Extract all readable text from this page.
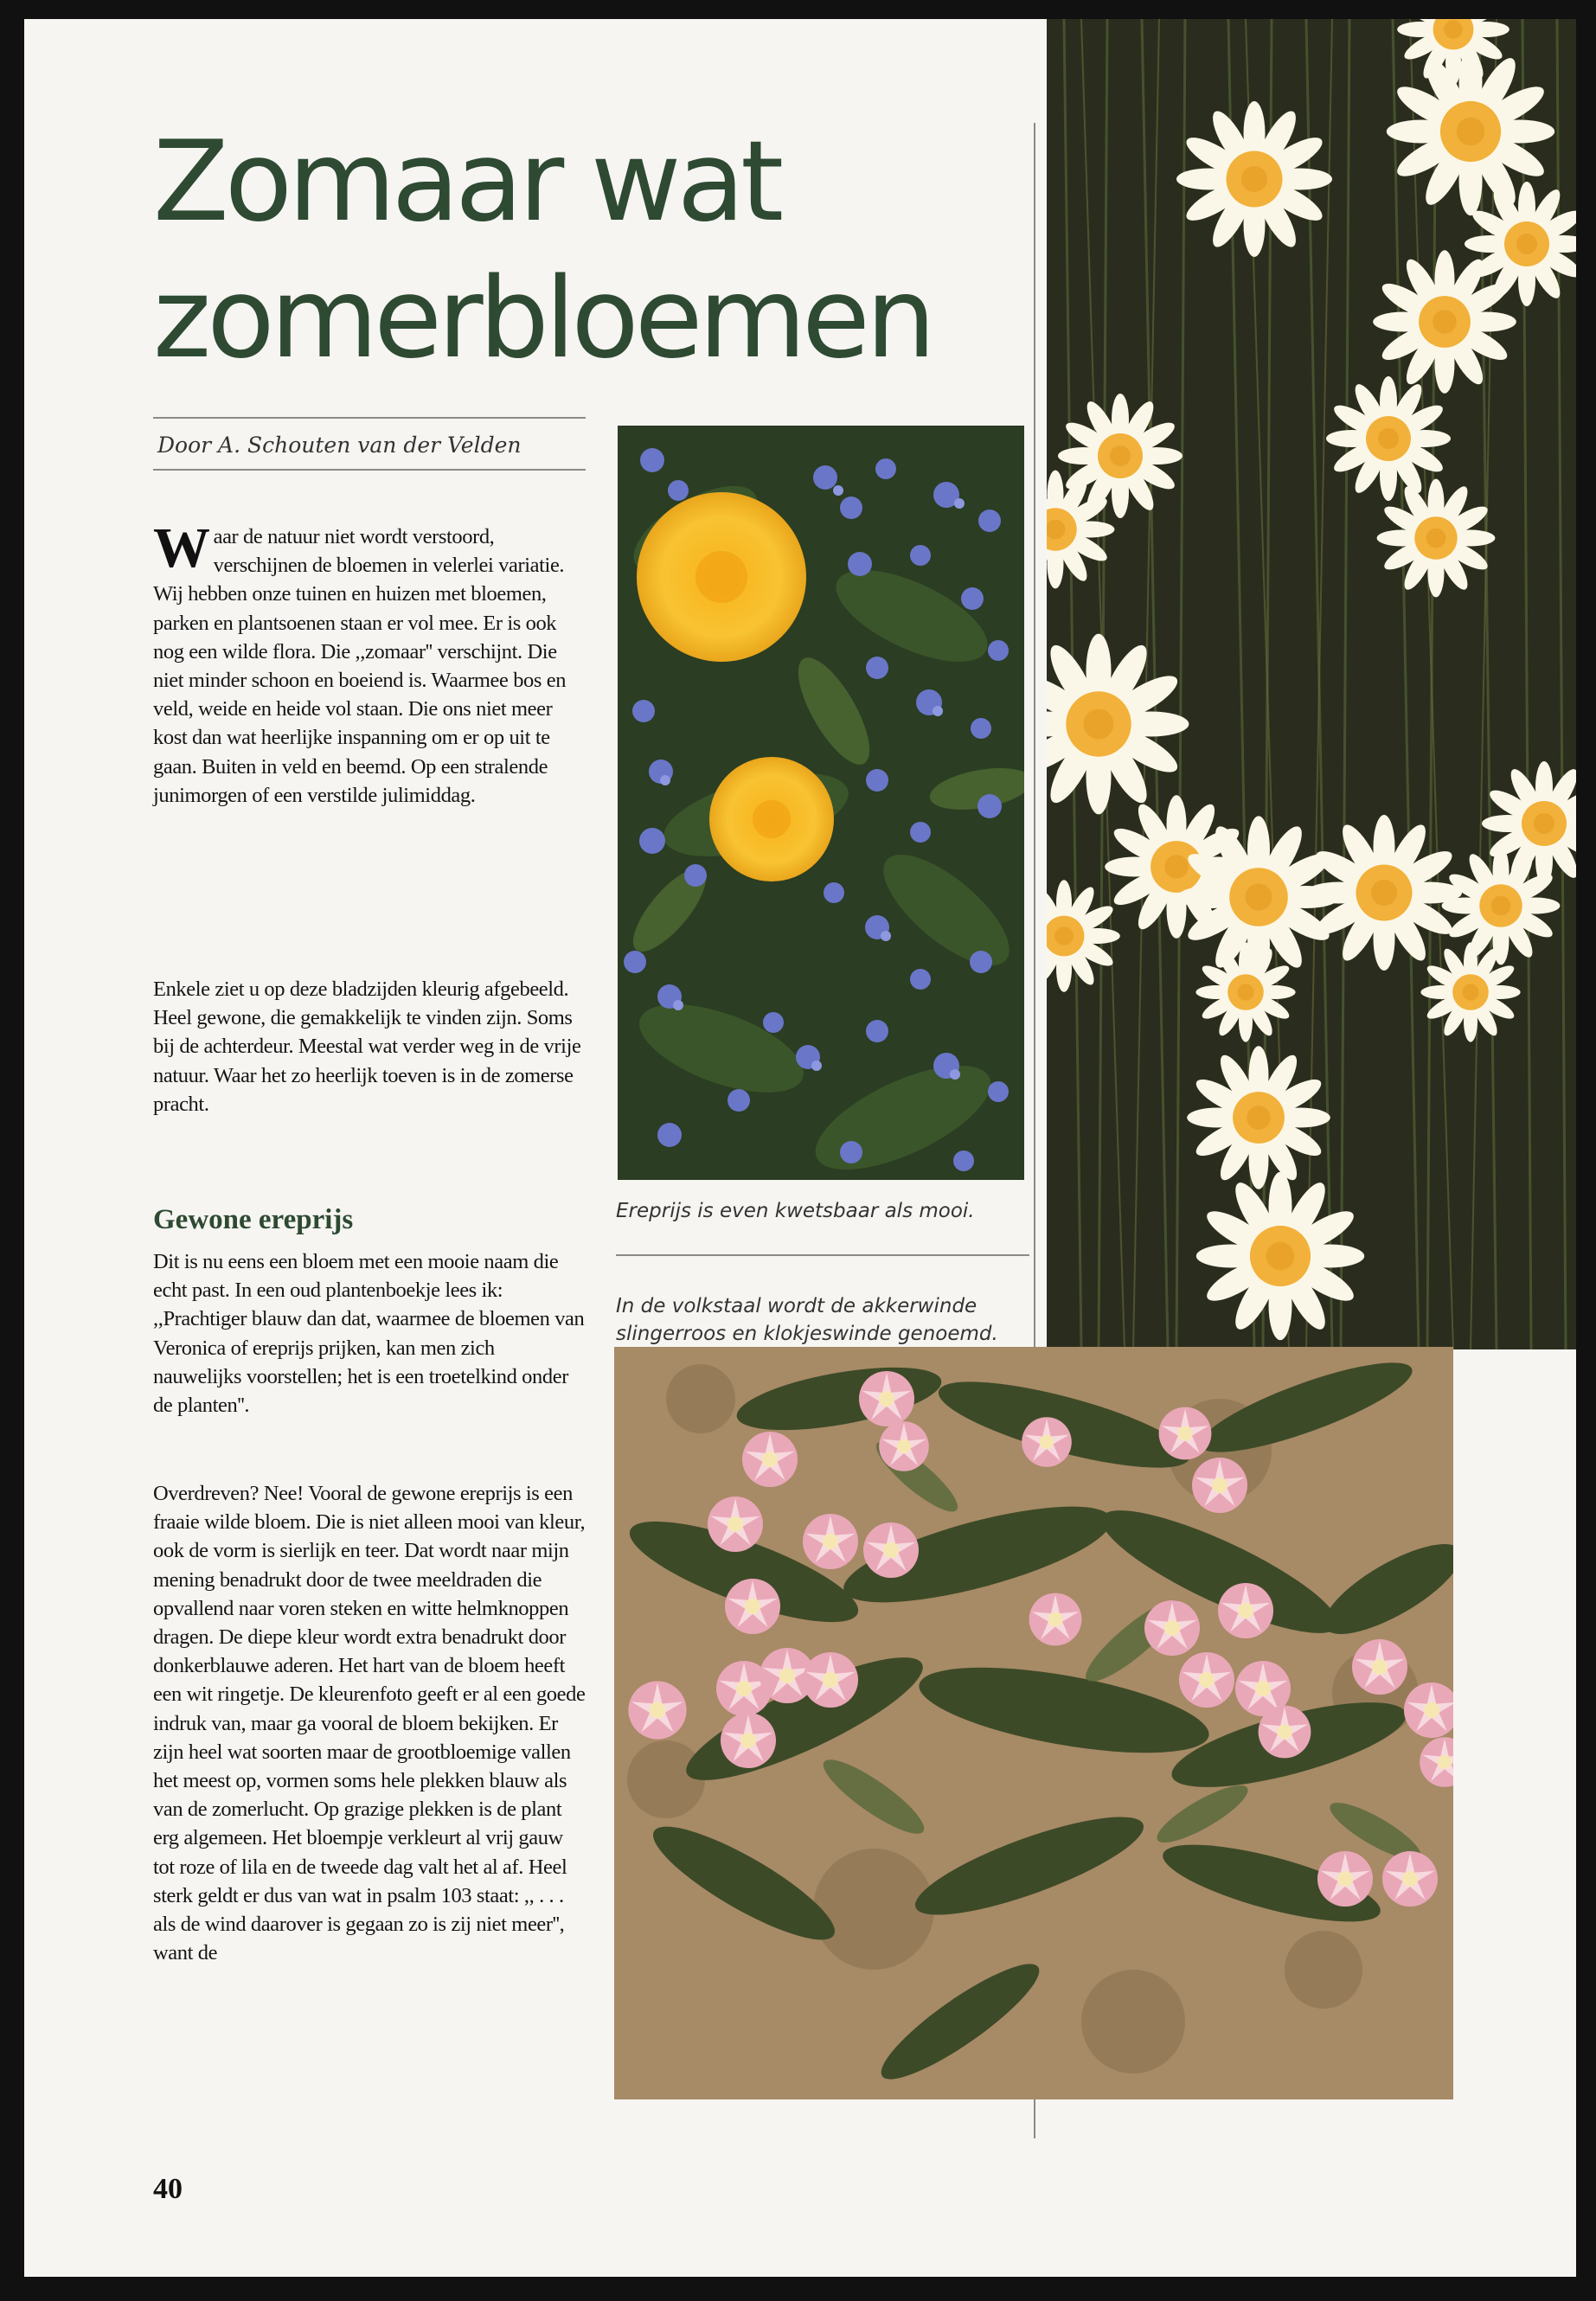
Zomaar wat
zomerbloemen
Door A. Schouten van der Velden
W aar de natuur niet wordt verstoord, verschijnen de bloemen in velerlei variatie. Wij hebben onze tuinen en huizen met bloemen, parken en plantsoenen staan er vol mee. Er is ook nog een wilde flora. Die ,,zomaar'' verschijnt. Die niet minder schoon en boeiend is. Waarmee bos en veld, weide en heide vol staan. Die ons niet meer kost dan wat heerlijke inspanning om er op uit te gaan. Buiten in veld en beemd. Op een stralende junimorgen of een verstilde julimiddag.
Enkele ziet u op deze bladzijden kleurig afgebeeld. Heel gewone, die gemakkelijk te vinden zijn. Soms bij de achterdeur. Meestal wat verder weg in de vrije natuur. Waar het zo heerlijk toeven is in de zomerse pracht.
Gewone ereprijs
Dit is nu eens een bloem met een mooie naam die echt past. In een oud plantenboekje lees ik: ,,Prachtiger blauw dan dat, waarmee de bloemen van Veronica of ereprijs prijken, kan men zich nauwelijks voorstellen; het is een troetelkind onder de planten''.
Overdreven? Nee! Vooral de gewone ereprijs is een fraaie wilde bloem. Die is niet alleen mooi van kleur, ook de vorm is sierlijk en teer. Dat wordt naar mijn mening benadrukt door de twee meeldraden die opvallend naar voren steken en witte helmknoppen dragen. De diepe kleur wordt extra benadrukt door donkerblauwe aderen. Het hart van de bloem heeft een wit ringetje. De kleurenfoto geeft er al een goede indruk van, maar ga vooral de bloem bekijken. Er zijn heel wat soorten maar de grootbloemige vallen het meest op, vormen soms hele plekken blauw als van de zomerlucht. Op grazige plekken is de plant erg algemeen. Het bloempje verkleurt al vrij gauw tot roze of lila en de tweede dag valt het al af. Heel sterk geldt er dus van wat in psalm 103 staat: ,, . . . als de wind daarover is gegaan zo is zij niet meer'', want de
Ereprijs is even kwetsbaar als mooi.
In de volkstaal wordt de akkerwinde slingerroos en klokjeswinde genoemd.
40
